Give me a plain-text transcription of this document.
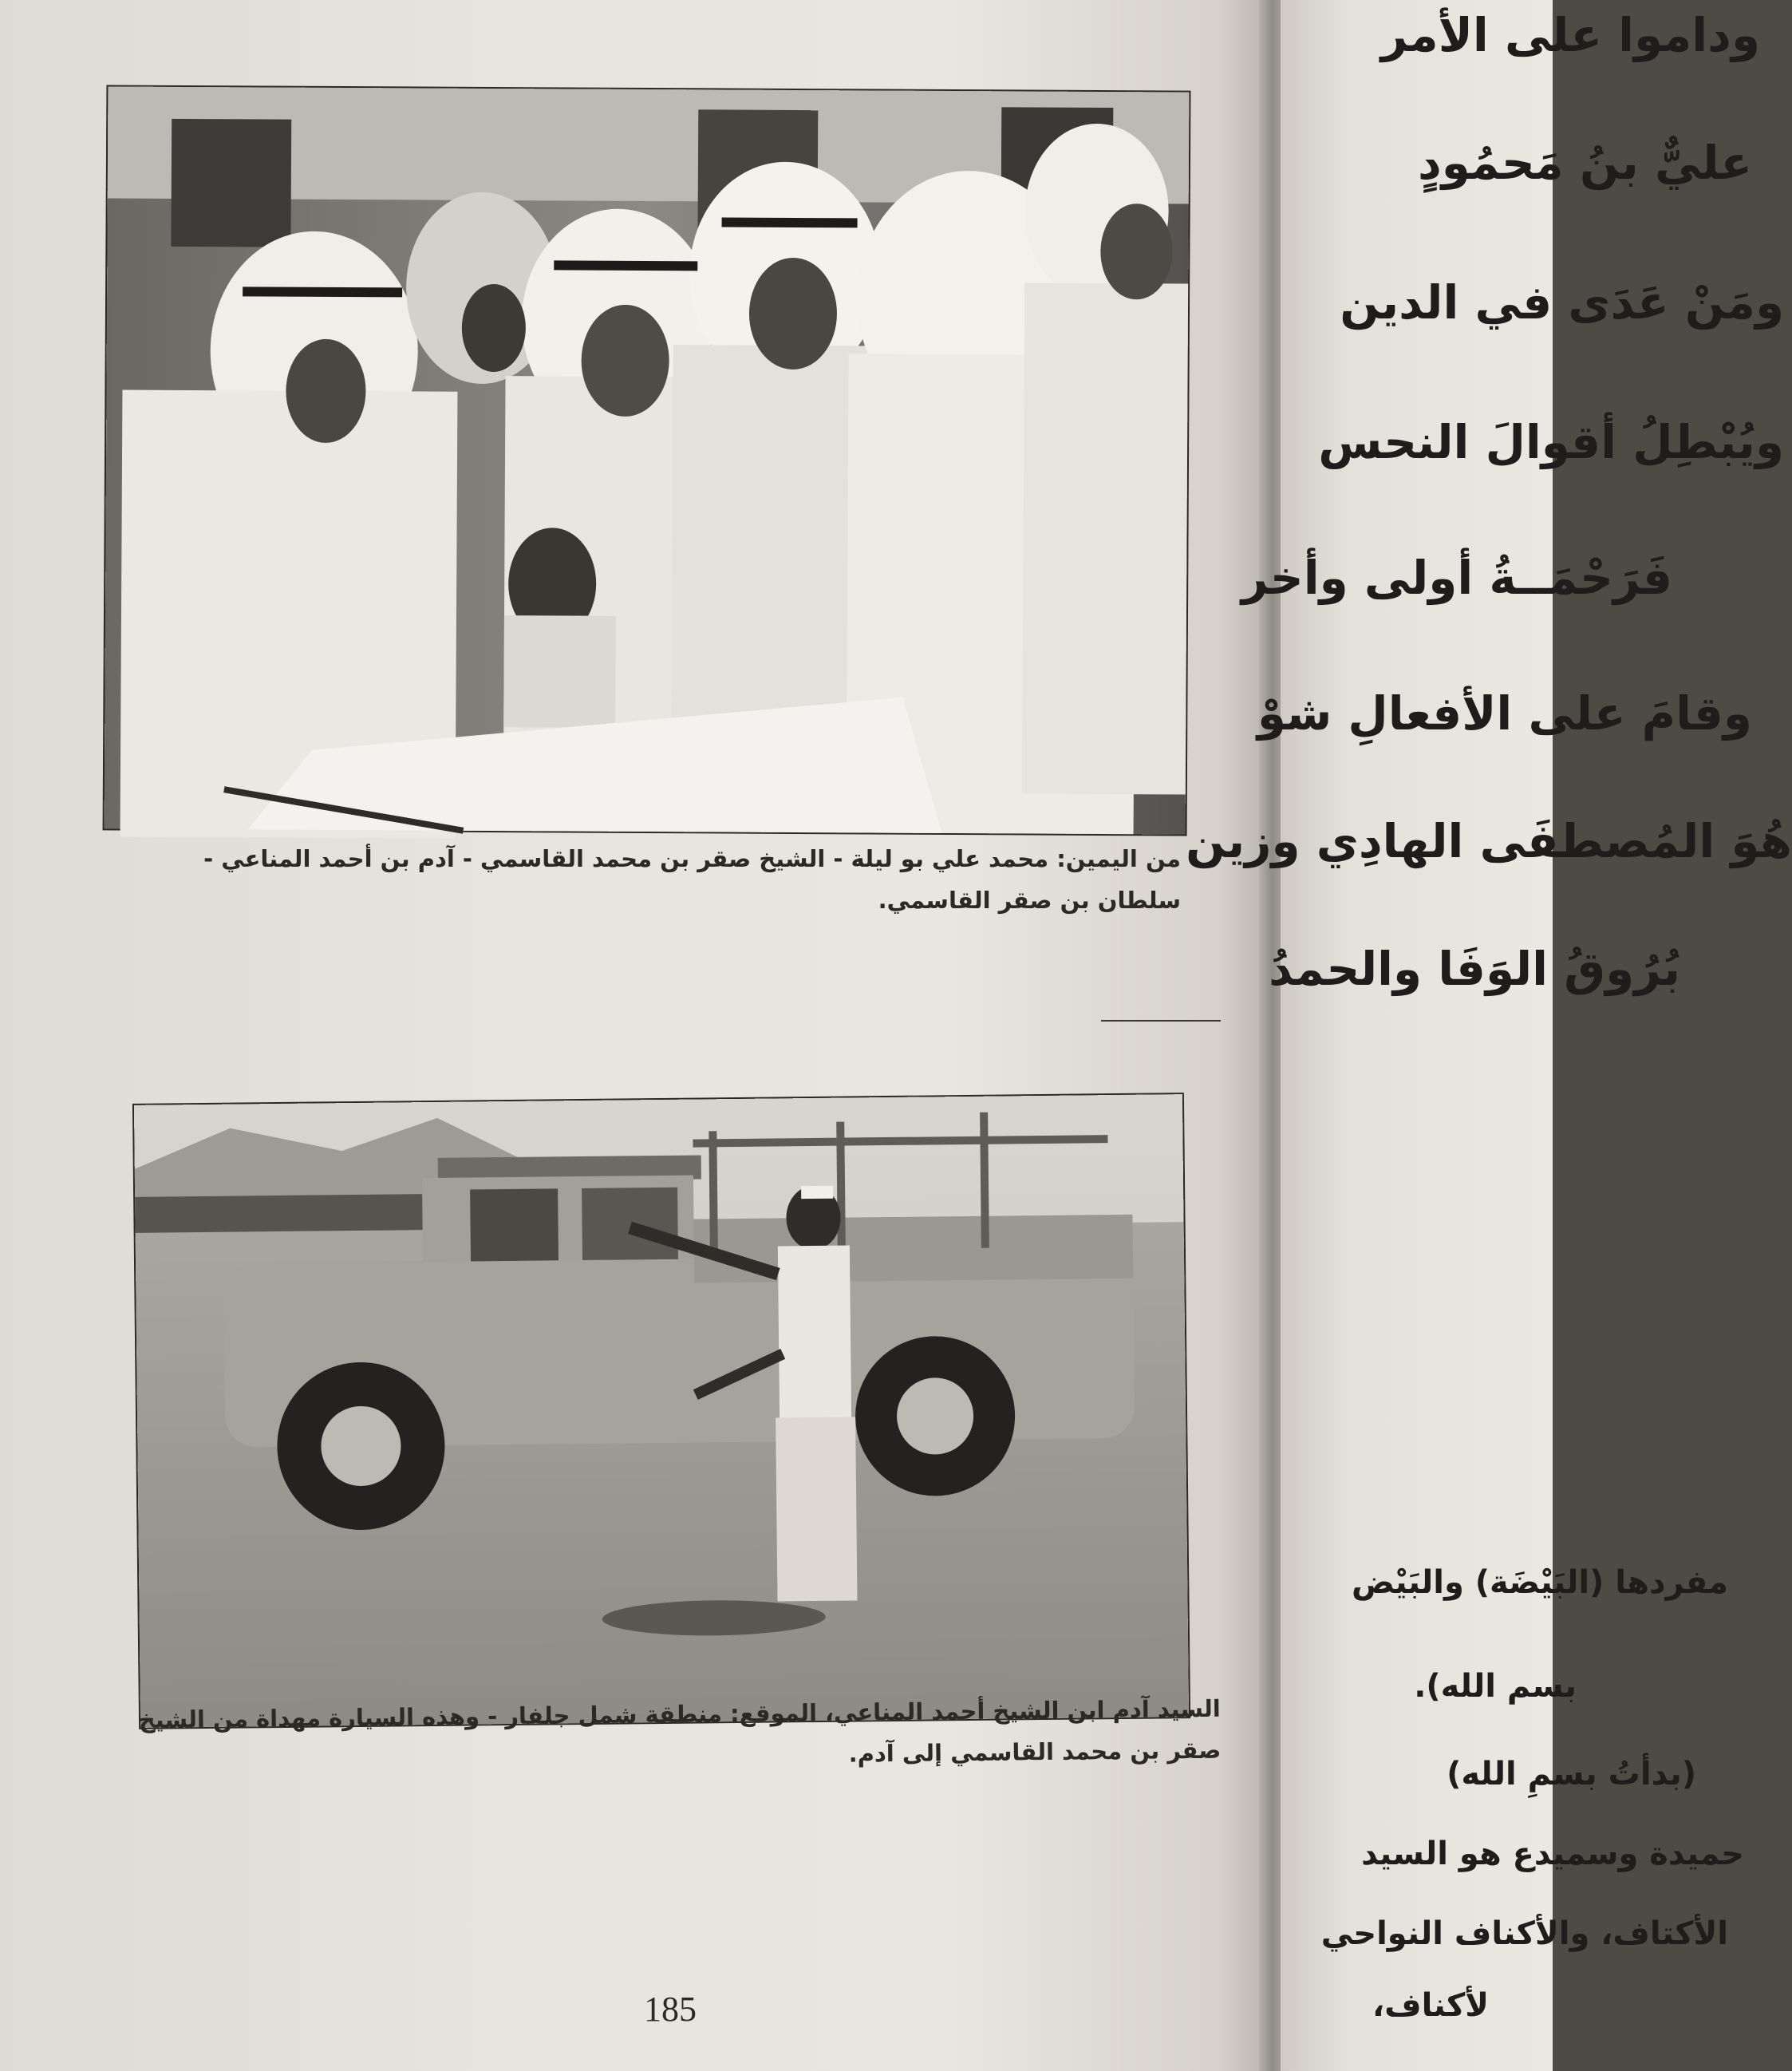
من اليمين: محمد علي بو ليلة - الشيخ صقر بن محمد القاسمي - آدم بن أحمد المناعي - سلطان بن صقر القاسمي.
السيد آدم ابن الشيخ أحمد المناعي، الموقع: منطقة شمل جلفار - وهذه السيارة مهداة من الشيخ صقر بن محمد القاسمي إلى آدم.
185
وداموا على الأمر
عليٌّ بنُ مَحمُودٍ
ومَنْ عَدَى في الدين
ويُبْطِلُ أقوالَ النحس
فَرَحْمَــةُ أولى وأخر
وقامَ على الأفعالِ شوْ
هُوَ المُصطفَى الهادِي وزين
بُرُوقُ الوَفَا والحمدُ
مفردها (البَيْضَة) والبَيْض
بسم الله).
(بدأتُ بسمِ الله)
حميدة وسميدع هو السيد
الأكتاف، والأكناف النواحي
لأكناف،
